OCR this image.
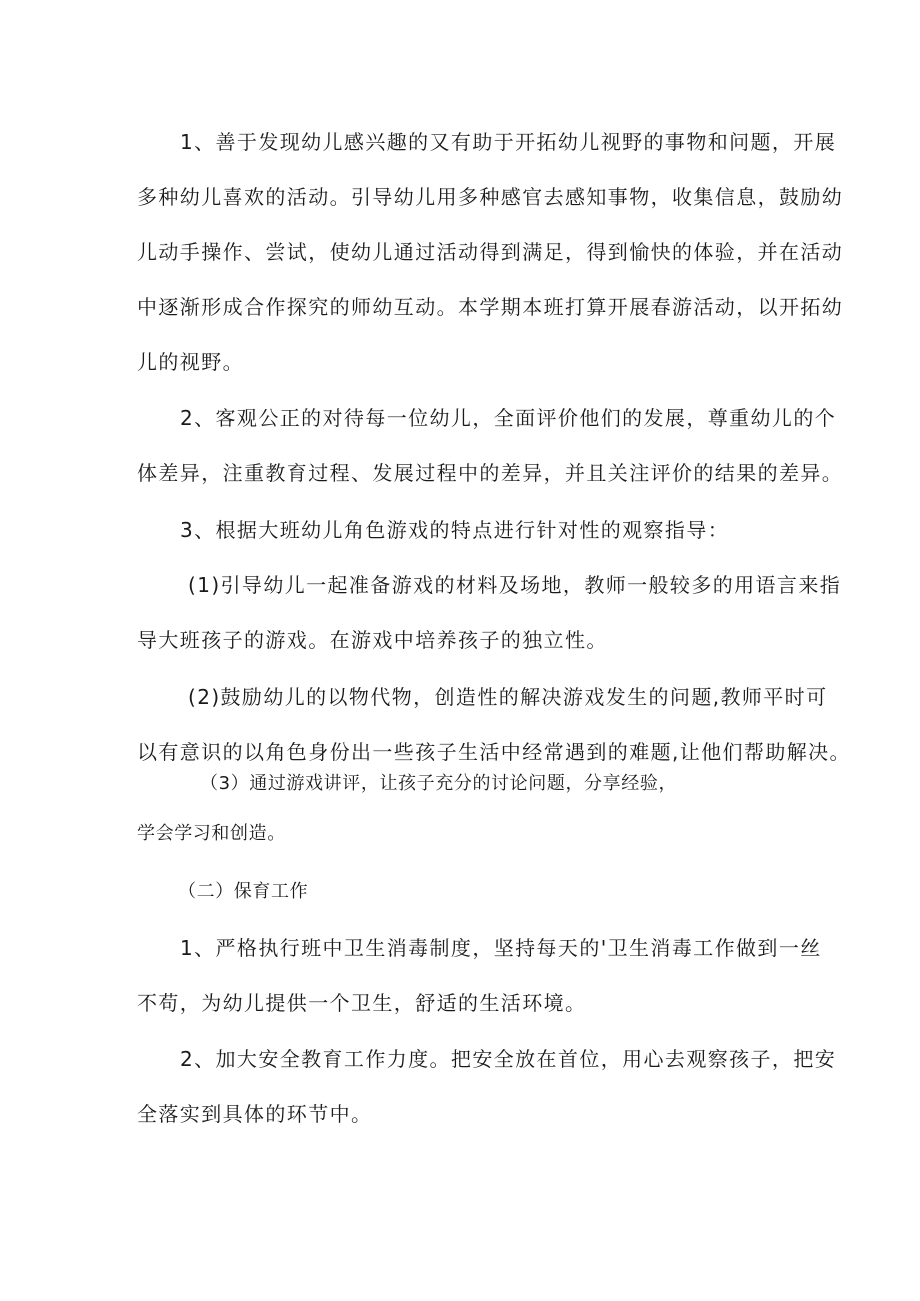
1、善于发现幼儿感兴趣的又有助于开拓幼儿视野的事物和问题，开展

多种幼儿喜欢的活动。引导幼儿用多种感官去感知事物，收集信息，鼓励幼

儿动手操作、尝试，使幼儿通过活动得到满足，得到愉快的体验，并在活动

中逐渐形成合作探究的师幼互动。本学期本班打算开展春游活动，以开拓幼

儿的视野。

2、客观公正的对待每一位幼儿，全面评价他们的发展，尊重幼儿的个

体差异，注重教育过程、发展过程中的差异，并且关注评价的结果的差异。

3、根据大班幼儿角色游戏的特点进行针对性的观察指导：

(1)引导幼儿一起准备游戏的材料及场地，教师一般较多的用语言来指

导大班孩子的游戏。在游戏中培养孩子的独立性。

(2)鼓励幼儿的以物代物，创造性的解决游戏发生的问题,教师平时可

以有意识的以角色身份出一些孩子生活中经常遇到的难题,让他们帮助解决。

（3）通过游戏讲评，让孩子充分的讨论问题，分享经验，

学会学习和创造。

（二）保育工作

1、严格执行班中卫生消毒制度，坚持每天的'卫生消毒工作做到一丝

不苟，为幼儿提供一个卫生，舒适的生活环境。

2、加大安全教育工作力度。把安全放在首位，用心去观察孩子，把安

全落实到具体的环节中。
